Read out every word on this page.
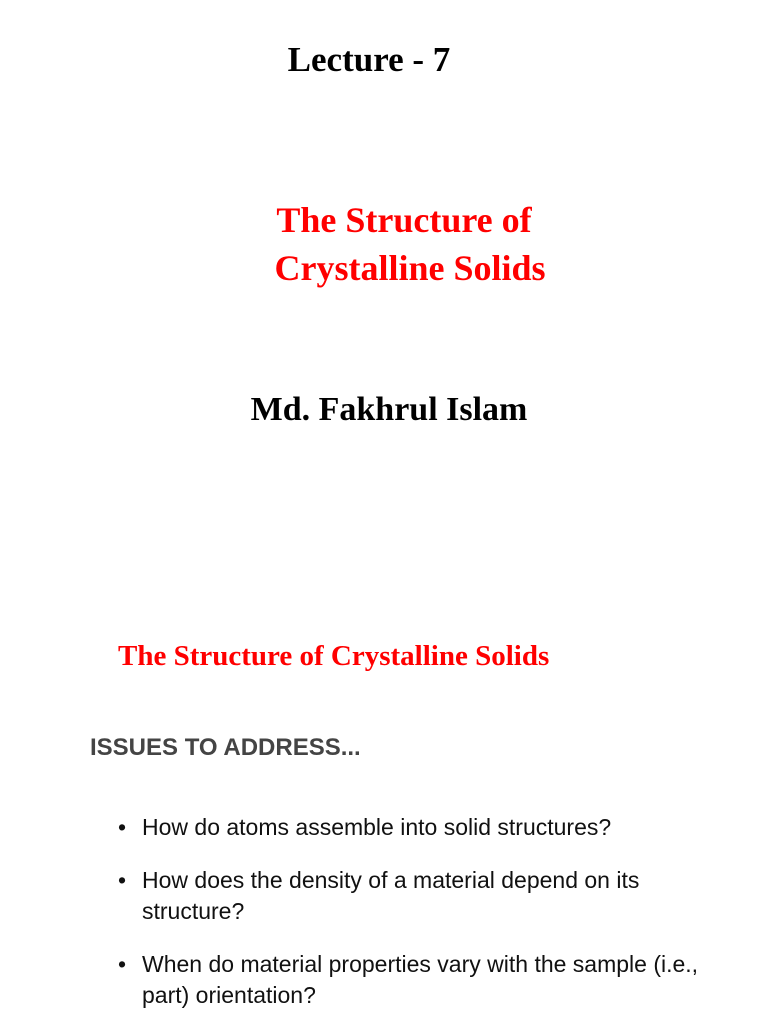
Lecture - 7
The Structure of
Crystalline Solids
Md. Fakhrul Islam
The Structure of Crystalline Solids
ISSUES TO ADDRESS...
• How do atoms assemble into solid structures?
• How does the density of a material depend on its structure?
• When do material properties vary with the sample (i.e., part) orientation?
